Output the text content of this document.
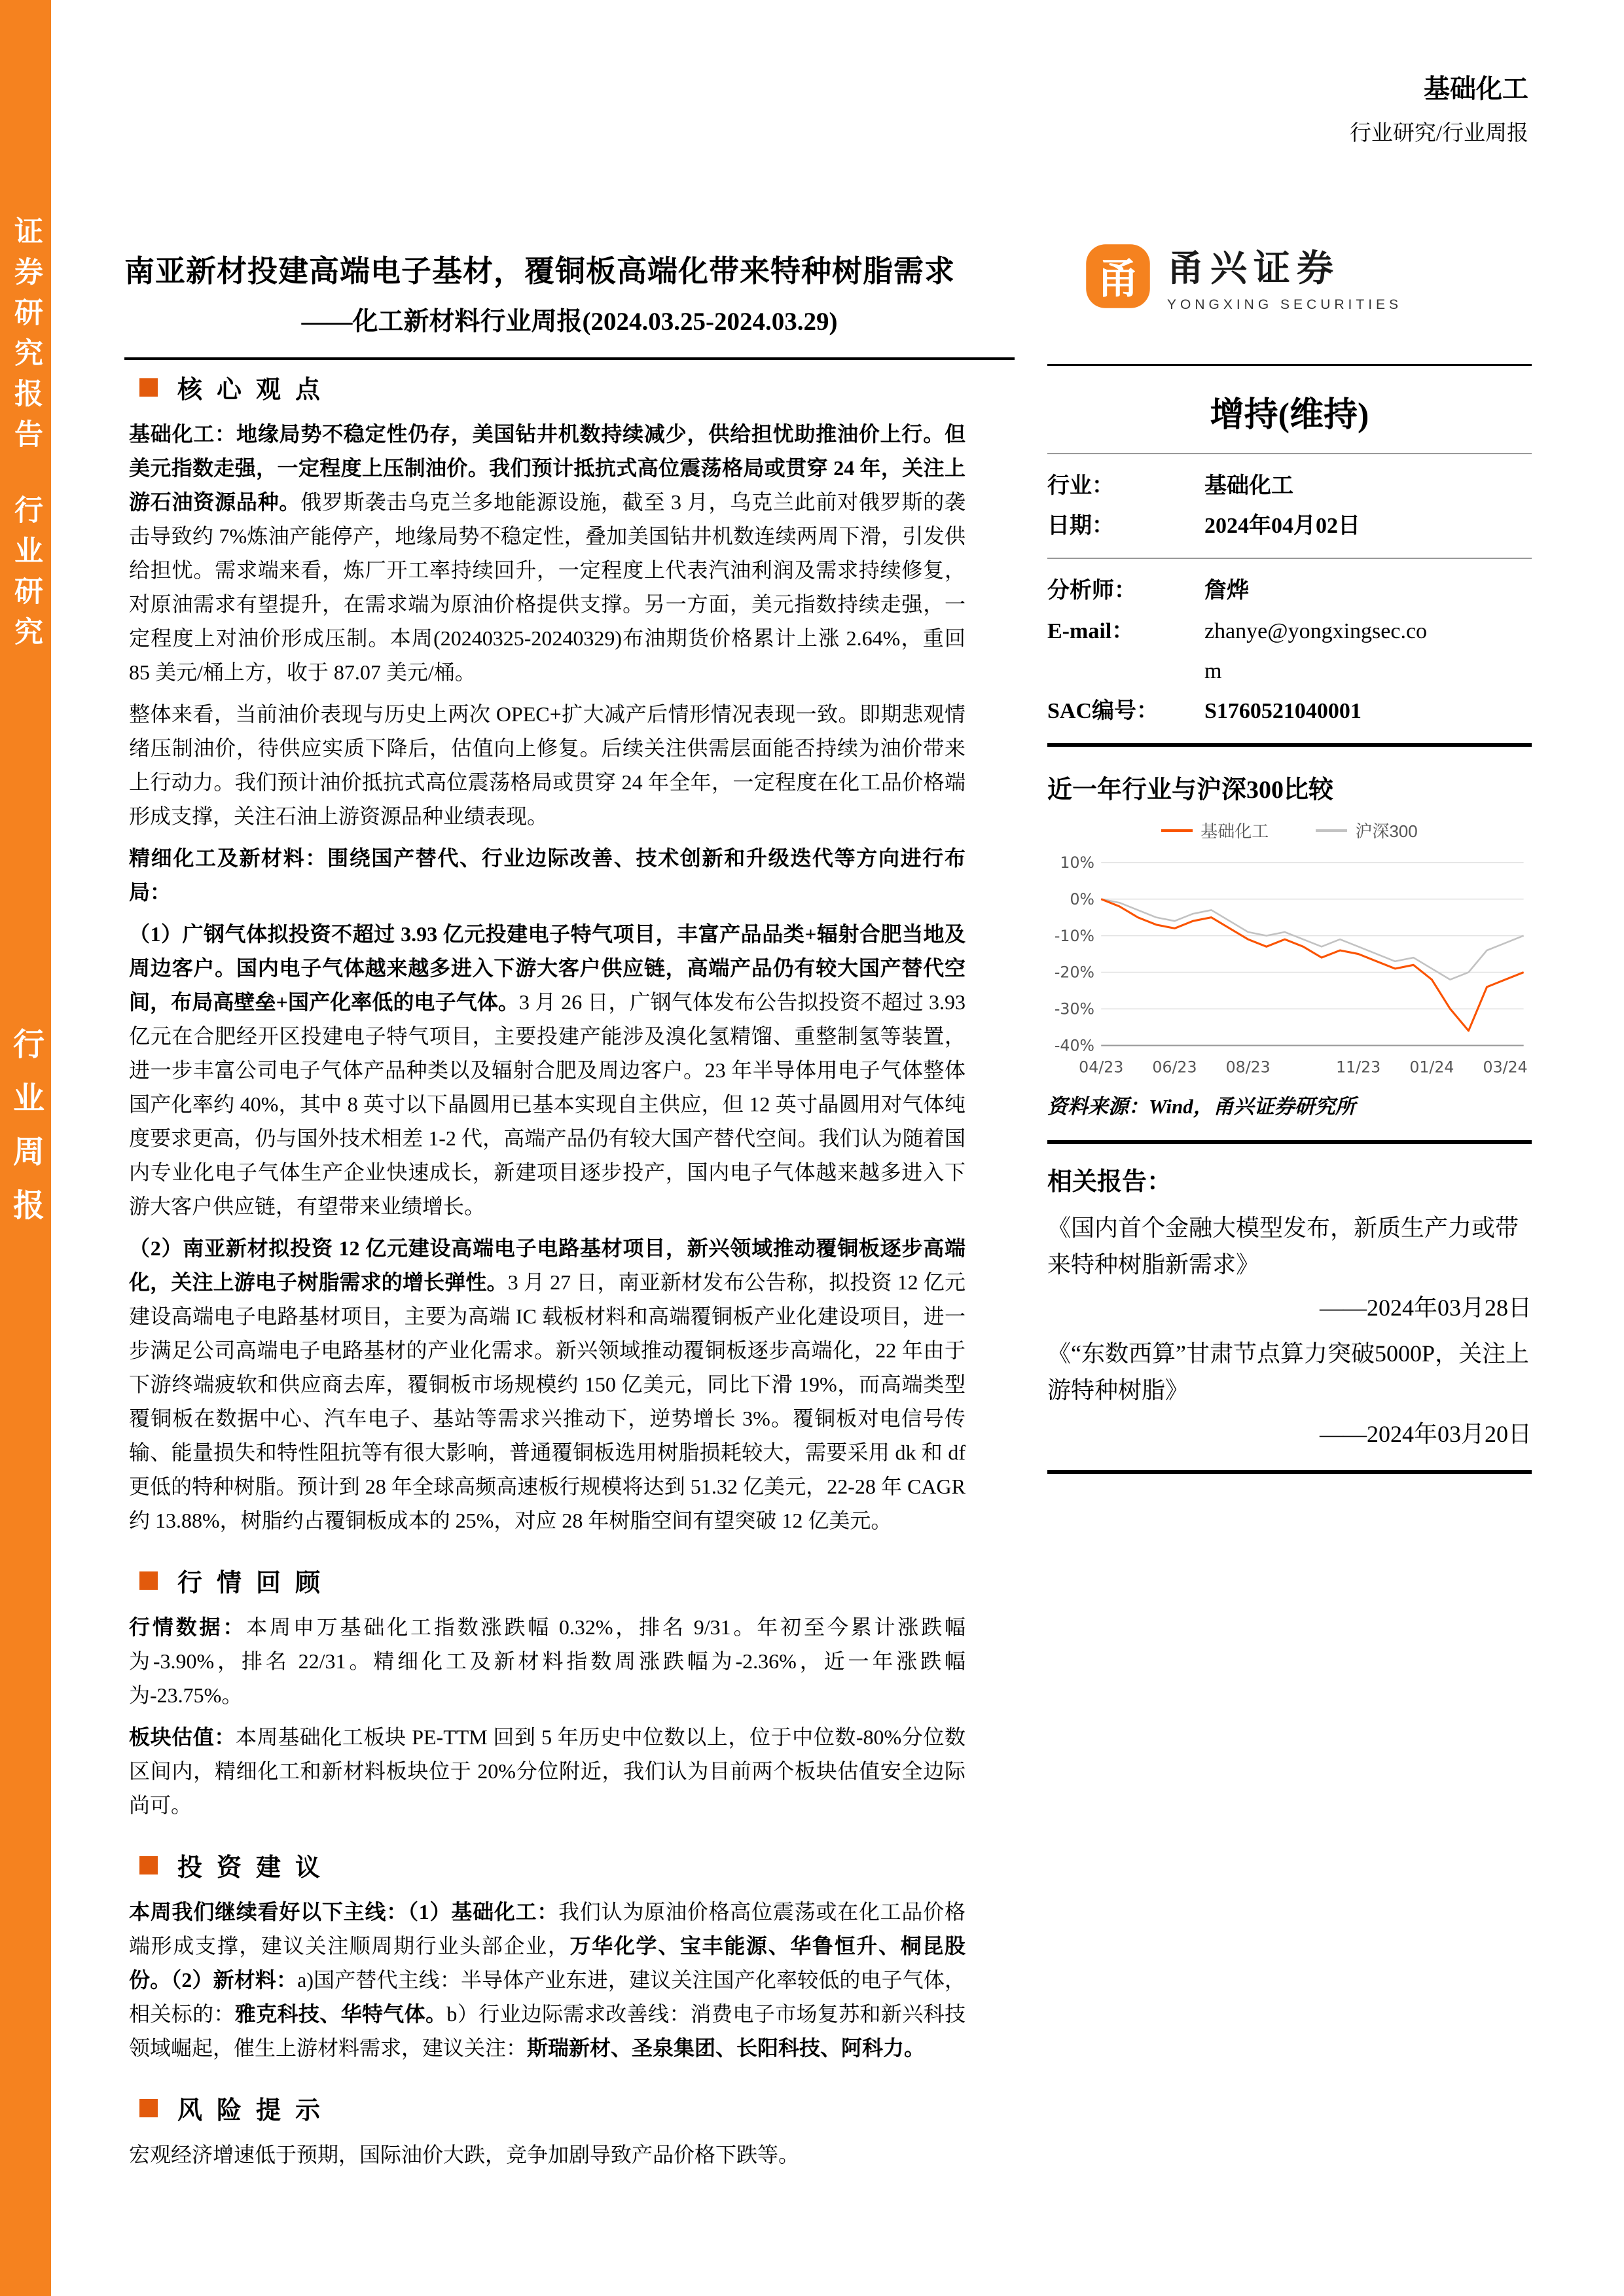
证券研究报告
行业研究
行业周报
基础化工
行业研究/行业周报
南亚新材投建高端电子基材，覆铜板高端化带来特种树脂需求
——化工新材料行业周报(2024.03.25-2024.03.29)
甬 甬兴证券
YONGXING SECURITIES
核心观点

基础化工：地缘局势不稳定性仍存，美国钻井机数持续减少，供给担忧助推油价上行。但美元指数走强，一定程度上压制油价。我们预计抵抗式高位震荡格局或贯穿 24 年，关注上游石油资源品种。俄罗斯袭击乌克兰多地能源设施，截至 3 月，乌克兰此前对俄罗斯的袭击导致约 7%炼油产能停产，地缘局势不稳定性，叠加美国钻井机数连续两周下滑，引发供给担忧。需求端来看，炼厂开工率持续回升，一定程度上代表汽油利润及需求持续修复，对原油需求有望提升，在需求端为原油价格提供支撑。另一方面，美元指数持续走强，一定程度上对油价形成压制。本周(20240325-20240329)布油期货价格累计上涨 2.64%，重回 85 美元/桶上方，收于 87.07 美元/桶。

整体来看，当前油价表现与历史上两次 OPEC+扩大减产后情形情况表现一致。即期悲观情绪压制油价，待供应实质下降后，估值向上修复。后续关注供需层面能否持续为油价带来上行动力。我们预计油价抵抗式高位震荡格局或贯穿 24 年全年，一定程度在化工品价格端形成支撑，关注石油上游资源品种业绩表现。

精细化工及新材料：围绕国产替代、行业边际改善、技术创新和升级迭代等方向进行布局：

（1）广钢气体拟投资不超过 3.93 亿元投建电子特气项目，丰富产品品类+辐射合肥当地及周边客户。国内电子气体越来越多进入下游大客户供应链，高端产品仍有较大国产替代空间，布局高壁垒+国产化率低的电子气体。3 月 26 日，广钢气体发布公告拟投资不超过 3.93 亿元在合肥经开区投建电子特气项目，主要投建产能涉及溴化氢精馏、重整制氢等装置，进一步丰富公司电子气体产品种类以及辐射合肥及周边客户。23 年半导体用电子气体整体国产化率约 40%，其中 8 英寸以下晶圆用已基本实现自主供应，但 12 英寸晶圆用对气体纯度要求更高，仍与国外技术相差 1-2 代，高端产品仍有较大国产替代空间。我们认为随着国内专业化电子气体生产企业快速成长，新建项目逐步投产，国内电子气体越来越多进入下游大客户供应链，有望带来业绩增长。

（2）南亚新材拟投资 12 亿元建设高端电子电路基材项目，新兴领域推动覆铜板逐步高端化，关注上游电子树脂需求的增长弹性。3 月 27 日，南亚新材发布公告称，拟投资 12 亿元建设高端电子电路基材项目，主要为高端 IC 载板材料和高端覆铜板产业化建设项目，进一步满足公司高端电子电路基材的产业化需求。新兴领域推动覆铜板逐步高端化，22 年由于下游终端疲软和供应商去库，覆铜板市场规模约 150 亿美元，同比下滑 19%，而高端类型覆铜板在数据中心、汽车电子、基站等需求兴推动下，逆势增长 3%。覆铜板对电信号传输、能量损失和特性阻抗等有很大影响，普通覆铜板选用树脂损耗较大，需要采用 dk 和 df 更低的特种树脂。预计到 28 年全球高频高速板行规模将达到 51.32 亿美元，22-28 年 CAGR 约 13.88%，树脂约占覆铜板成本的 25%，对应 28 年树脂空间有望突破 12 亿美元。

行情回顾

行情数据：本周申万基础化工指数涨跌幅 0.32%，排名 9/31。年初至今累计涨跌幅为-3.90%，排名 22/31。精细化工及新材料指数周涨跌幅为-2.36%，近一年涨跌幅为-23.75%。

板块估值：本周基础化工板块 PE-TTM 回到 5 年历史中位数以上，位于中位数-80%分位数区间内，精细化工和新材料板块位于 20%分位附近，我们认为目前两个板块估值安全边际尚可。

投资建议

本周我们继续看好以下主线：（1）基础化工：我们认为原油价格高位震荡或在化工品价格端形成支撑，建议关注顺周期行业头部企业，万华化学、宝丰能源、华鲁恒升、桐昆股份。（2）新材料：a)国产替代主线：半导体产业东进，建议关注国产化率较低的电子气体，相关标的：雅克科技、华特气体。b）行业边际需求改善线：消费电子市场复苏和新兴科技领域崛起，催生上游材料需求，建议关注：斯瑞新材、圣泉集团、长阳科技、阿科力。

风险提示

宏观经济增速低于预期，国际油价大跌，竞争加剧导致产品价格下跌等。

增持(维持)
行业：	基础化工
日期：	2024年04月02日
分析师：	詹烨
E-mail：	zhanye@yongxingsec.com
SAC编号：	S1760521040001
近一年行业与沪深300比较
基础化工	沪深300
10%
0%
-10%
-20%
-30%
-40%
04/23 06/23 08/23	11/23 01/24 03/24
资料来源：Wind，甬兴证券研究所
相关报告：
《国内首个金融大模型发布，新质生产力或带来特种树脂新需求》
——2024年03月28日
《“东数西算”甘肃节点算力突破5000P，关注上游特种树脂》
——2024年03月20日
